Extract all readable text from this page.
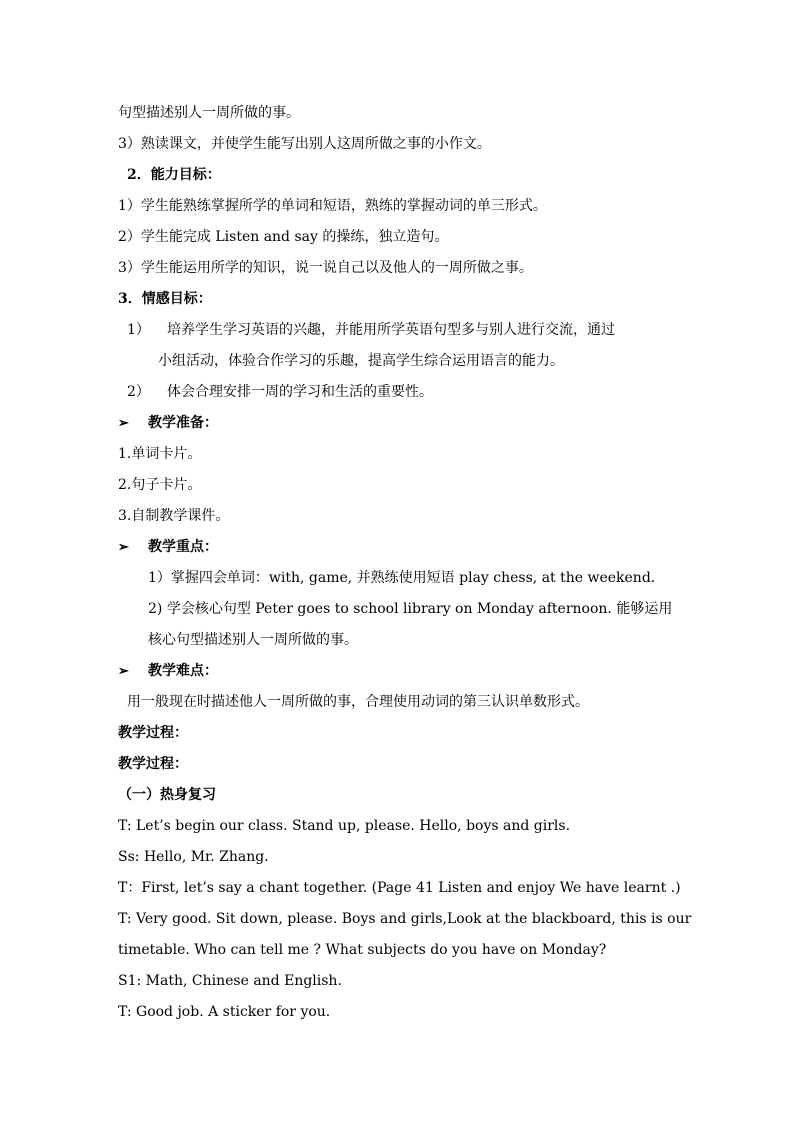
句型描述别人一周所做的事。
3）熟读课文，并使学生能写出别人这周所做之事的小作文。
2．能力目标：
1）学生能熟练掌握所学的单词和短语，熟练的掌握动词的单三形式。
2）学生能完成 Listen and say 的操练，独立造句。
3）学生能运用所学的知识，说一说自己以及他人的一周所做之事。
3．情感目标：
1） 培养学生学习英语的兴趣，并能用所学英语句型多与别人进行交流，通过
小组活动，体验合作学习的乐趣，提高学生综合运用语言的能力。
2） 体会合理安排一周的学习和生活的重要性。
➢ 教学准备：
1.单词卡片。
2.句子卡片。
3.自制教学课件。
➢ 教学重点：
1）掌握四会单词：with, game, 并熟练使用短语 play chess, at the weekend.
2) 学会核心句型 Peter goes to school library on Monday afternoon. 能够运用
核心句型描述别人一周所做的事。
➢ 教学难点：
用一般现在时描述他人一周所做的事，合理使用动词的第三认识单数形式。
教学过程：
教学过程：
（一）热身复习
T: Let’s begin our class. Stand up, please. Hello, boys and girls.
Ss: Hello, Mr. Zhang.
T：First, let’s say a chant together. (Page 41 Listen and enjoy We have learnt .)
T: Very good. Sit down, please. Boys and girls,Look at the blackboard, this is our
timetable. Who can tell me ? What subjects do you have on Monday?
S1: Math, Chinese and English.
T: Good job. A sticker for you.
